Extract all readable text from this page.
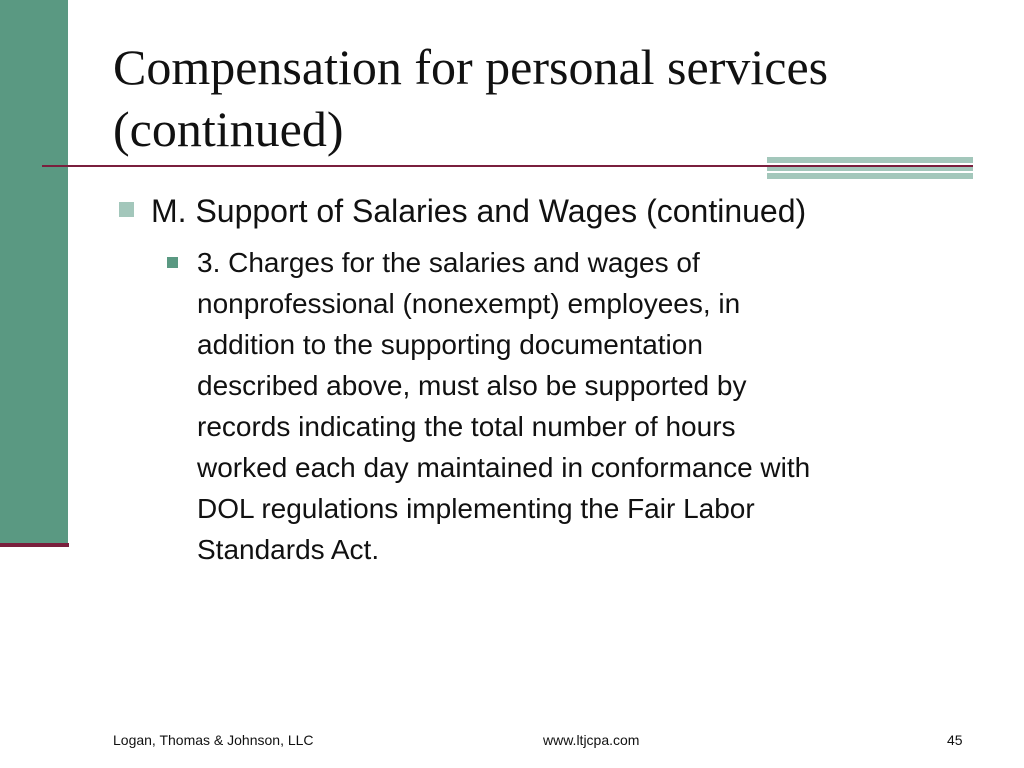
Compensation for personal services
(continued)
M. Support of Salaries and Wages (continued)
3. Charges for the salaries and wages of
nonprofessional (nonexempt) employees, in
addition to the supporting documentation
described above, must also be supported by
records indicating the total number of hours
worked each day maintained in conformance with
DOL regulations implementing the Fair Labor
Standards Act.
Logan, Thomas & Johnson, LLC	www.ltjcpa.com	45
